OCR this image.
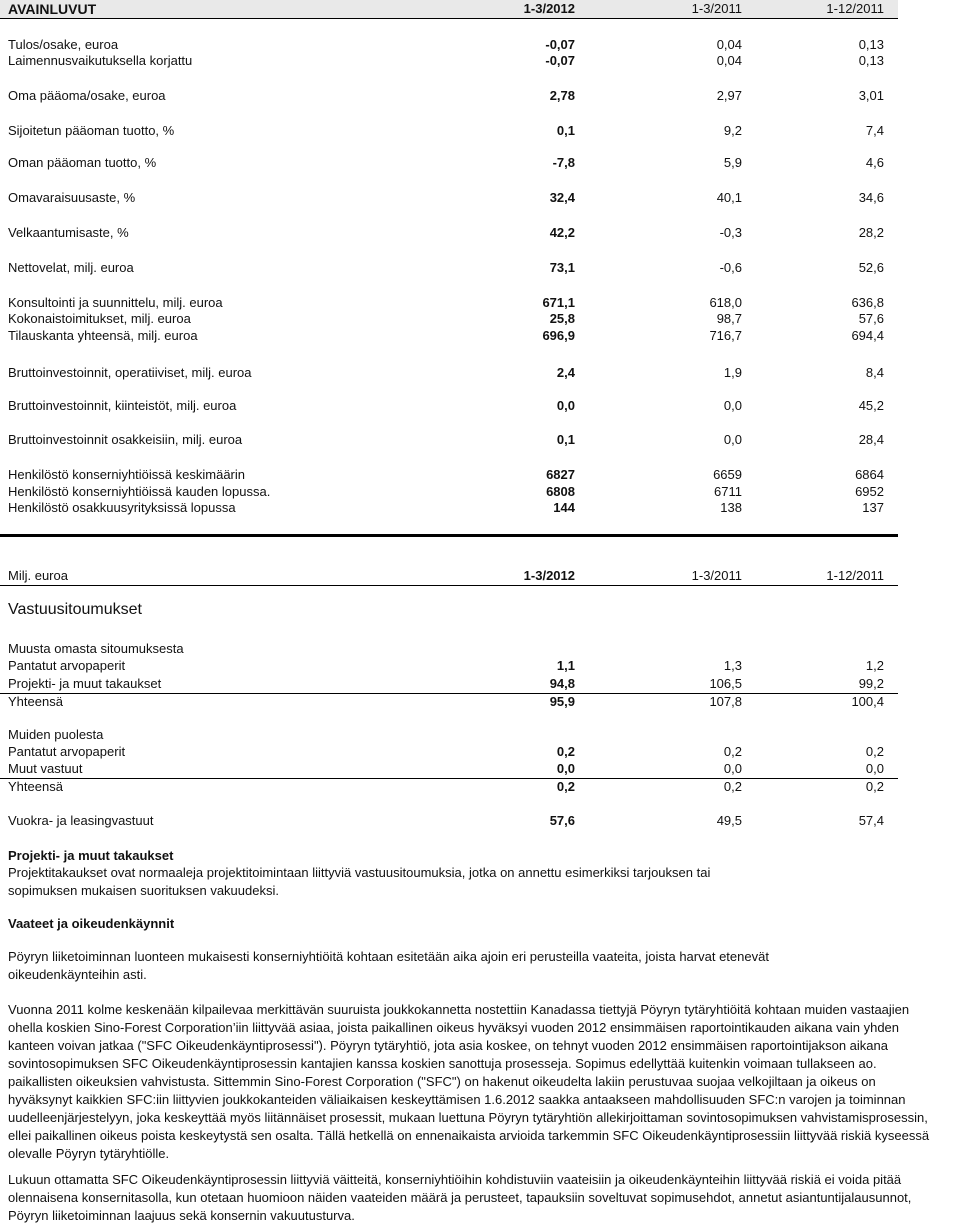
AVAINLUVUT	1-3/2012	1-3/2011	1-12/2011
Tulos/osake, euroa	-0,07	0,04	0,13
Laimennusvaikutuksella korjattu	-0,07	0,04	0,13
Oma pääoma/osake, euroa	2,78	2,97	3,01
Sijoitetun pääoman tuotto, %	0,1	9,2	7,4
Oman pääoman tuotto, %	-7,8	5,9	4,6
Omavaraisuusaste, %	32,4	40,1	34,6
Velkaantumisaste, %	42,2	-0,3	28,2
Nettovelat, milj. euroa	73,1	-0,6	52,6
Konsultointi ja suunnittelu, milj. euroa	671,1	618,0	636,8
Kokonaistoimitukset, milj. euroa	25,8	98,7	57,6
Tilauskanta yhteensä, milj. euroa	696,9	716,7	694,4
Bruttoinvestoinnit, operatiiviset, milj. euroa	2,4	1,9	8,4
Bruttoinvestoinnit, kiinteistöt, milj. euroa	0,0	0,0	45,2
Bruttoinvestoinnit osakkeisiin, milj. euroa	0,1	0,0	28,4
Henkilöstö konserniyhtiöissä keskimäärin	6827	6659	6864
Henkilöstö konserniyhtiöissä kauden lopussa.	6808	6711	6952
Henkilöstö osakkuusyrityksissä lopussa	144	138	137
Milj. euroa	1-3/2012	1-3/2011	1-12/2011
Vastuusitoumukset
Muusta omasta sitoumuksesta
Pantatut arvopaperit	1,1	1,3	1,2
Projekti- ja muut takaukset	94,8	106,5	99,2
Yhteensä	95,9	107,8	100,4
Muiden puolesta
Pantatut arvopaperit	0,2	0,2	0,2
Muut vastuut	0,0	0,0	0,0
Yhteensä	0,2	0,2	0,2
Vuokra- ja leasingvastuut	57,6	49,5	57,4
Projekti- ja muut takaukset
Projektitakaukset ovat normaaleja projektitoimintaan liittyviä vastuusitoumuksia, jotka on annettu esimerkiksi tarjouksen tai sopimuksen mukaisen suorituksen vakuudeksi.
Vaateet ja oikeudenkäynnit
Pöyryn liiketoiminnan luonteen mukaisesti konserniyhtiöitä kohtaan esitetään aika ajoin eri perusteilla vaateita, joista harvat etenevät oikeudenkäynteihin asti.
Vuonna 2011 kolme keskenään kilpailevaa merkittävän suuruista joukkokannetta nostettiin Kanadassa tiettyjä Pöyryn tytäryhtiöitä kohtaan muiden vastaajien ohella koskien Sino-Forest Corporation’iin liittyvää asiaa, joista paikallinen oikeus hyväksyi vuoden 2012 ensimmäisen raportointikauden aikana vain yhden kanteen voivan jatkaa ("SFC Oikeudenkäyntiprosessi"). Pöyryn tytäryhtiö, jota asia koskee, on tehnyt vuoden 2012 ensimmäisen raportointijakson aikana sovintosopimuksen SFC Oikeudenkäyntiprosessin kantajien kanssa koskien sanottuja prosesseja. Sopimus edellyttää kuitenkin voimaan tullakseen ao. paikallisten oikeuksien vahvistusta. Sittemmin Sino-Forest Corporation ("SFC") on hakenut oikeudelta lakiin perustuvaa suojaa velkojiltaan ja oikeus on hyväksynyt kaikkien SFC:iin liittyvien joukkokanteiden väliaikaisen keskeyttämisen 1.6.2012 saakka antaakseen mahdollisuuden SFC:n varojen ja toiminnan uudelleenjärjestelyyn, joka keskeyttää myös liitännäiset prosessit, mukaan luettuna Pöyryn tytäryhtiön allekirjoittaman sovintosopimuksen vahvistamisprosessin, ellei paikallinen oikeus poista keskeytystä sen osalta. Tällä hetkellä on ennenaikaista arvioida tarkemmin SFC Oikeudenkäyntiprosessiin liittyvää riskiä kyseessä olevalle Pöyryn tytäryhtiölle.
Lukuun ottamatta SFC Oikeudenkäyntiprosessin liittyviä väitteitä, konserniyhtiöihin kohdistuviin vaateisiin ja oikeudenkäynteihin liittyvää riskiä ei voida pitää olennaisena konsernitasolla, kun otetaan huomioon näiden vaateiden määrä ja perusteet, tapauksiin soveltuvat sopimusehdot, annetut asiantuntijalausunnot, Pöyryn liiketoiminnan laajuus sekä konsernin vakuutusturva.
